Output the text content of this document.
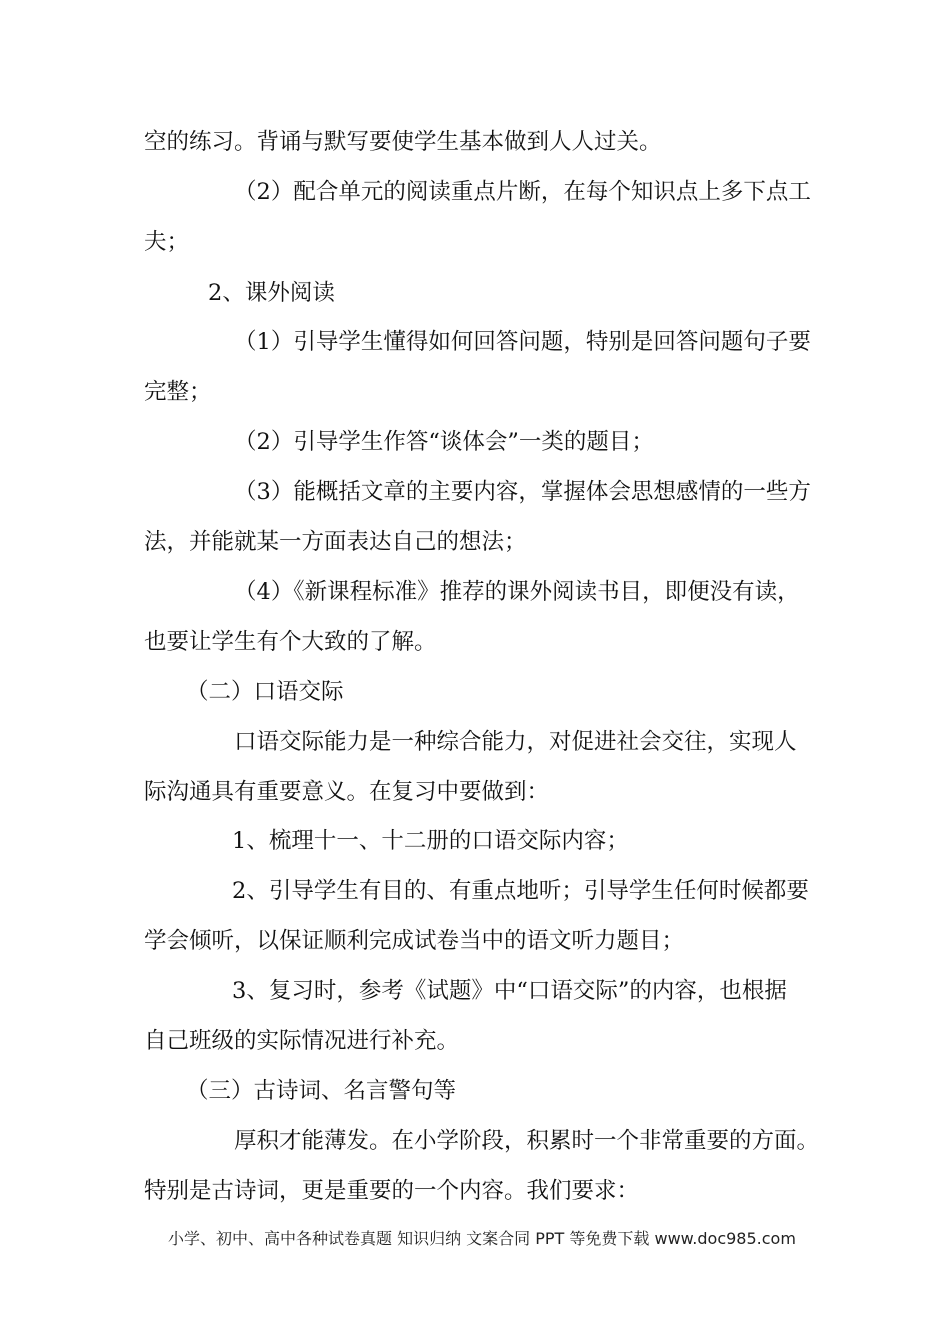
空的练习。背诵与默写要使学生基本做到人人过关。

（2）配合单元的阅读重点片断，在每个知识点上多下点工

夫；

2、课外阅读

（1）引导学生懂得如何回答问题，特别是回答问题句子要

完整；

（2）引导学生作答“谈体会”一类的题目；

（3）能概括文章的主要内容，掌握体会思想感情的一些方

法，并能就某一方面表达自己的想法；

（4）《新课程标准》推荐的课外阅读书目，即便没有读，

也要让学生有个大致的了解。

（二）口语交际

口语交际能力是一种综合能力，对促进社会交往，实现人

际沟通具有重要意义。在复习中要做到：

1、梳理十一、十二册的口语交际内容；

2、引导学生有目的、有重点地听；引导学生任何时候都要

学会倾听，以保证顺利完成试卷当中的语文听力题目；

3、复习时，参考《试题》中“口语交际”的内容，也根据

自己班级的实际情况进行补充。

（三）古诗词、名言警句等

厚积才能薄发。在小学阶段，积累时一个非常重要的方面。

特别是古诗词，更是重要的一个内容。我们要求：

小学、初中、高中各种试卷真题 知识归纳 文案合同 PPT 等免费下载 www.doc985.com
